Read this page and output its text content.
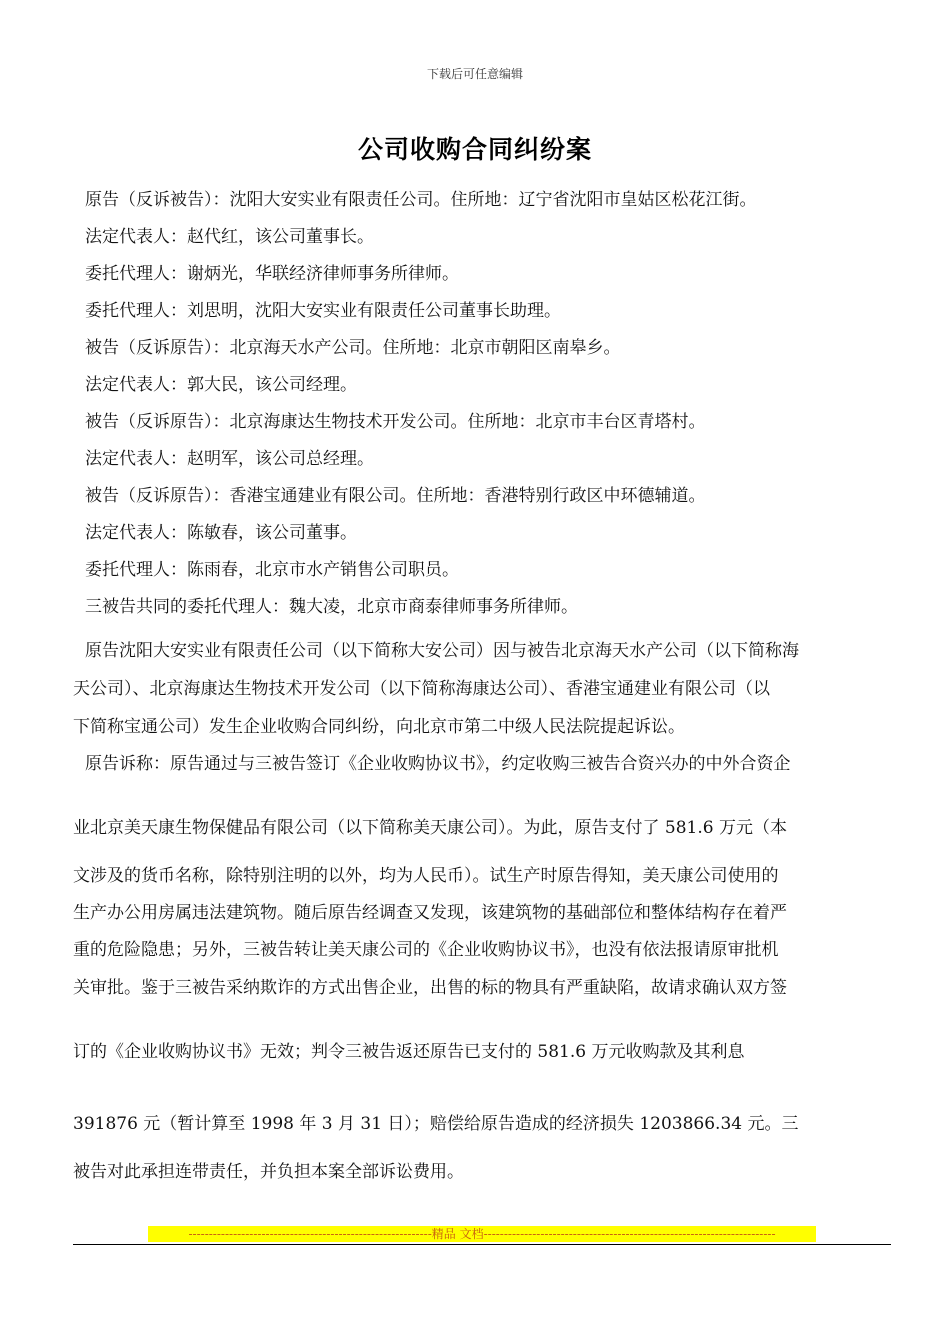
下载后可任意编辑
公司收购合同纠纷案
原告（反诉被告）：沈阳大安实业有限责任公司。住所地：辽宁省沈阳市皇姑区松花江街。
法定代表人：赵代红，该公司董事长。
委托代理人：谢炳光，华联经济律师事务所律师。
委托代理人：刘思明，沈阳大安实业有限责任公司董事长助理。
被告（反诉原告）：北京海天水产公司。住所地：北京市朝阳区南皋乡。
法定代表人：郭大民，该公司经理。
被告（反诉原告）：北京海康达生物技术开发公司。住所地：北京市丰台区青塔村。
法定代表人：赵明军，该公司总经理。
被告（反诉原告）：香港宝通建业有限公司。住所地：香港特别行政区中环德辅道。
法定代表人：陈敏春，该公司董事。
委托代理人：陈雨春，北京市水产销售公司职员。
三被告共同的委托代理人：魏大凌，北京市商泰律师事务所律师。
原告沈阳大安实业有限责任公司（以下简称大安公司）因与被告北京海天水产公司（以下简称海
天公司）、北京海康达生物技术开发公司（以下简称海康达公司）、香港宝通建业有限公司（以
下简称宝通公司）发生企业收购合同纠纷，向北京市第二中级人民法院提起诉讼。
原告诉称：原告通过与三被告签订《企业收购协议书》，约定收购三被告合资兴办的中外合资企
业北京美天康生物保健品有限公司（以下简称美天康公司）。为此，原告支付了 581.6 万元（本
文涉及的货币名称，除特别注明的以外，均为人民币）。试生产时原告得知，美天康公司使用的
生产办公用房属违法建筑物。随后原告经调查又发现，该建筑物的基础部位和整体结构存在着严
重的危险隐患；另外，三被告转让美天康公司的《企业收购协议书》，也没有依法报请原审批机
关审批。鉴于三被告采纳欺诈的方式出售企业，出售的标的物具有严重缺陷，故请求确认双方签
订的《企业收购协议书》无效；判令三被告返还原告已支付的 581.6 万元收购款及其利息
391876 元（暂计算至 1998 年 3 月 31 日）；赔偿给原告造成的经济损失 1203866.34 元。三
被告对此承担连带责任，并负担本案全部诉讼费用。
------------------------------------------------------------精品 文档------------------------------------------------------------------------
